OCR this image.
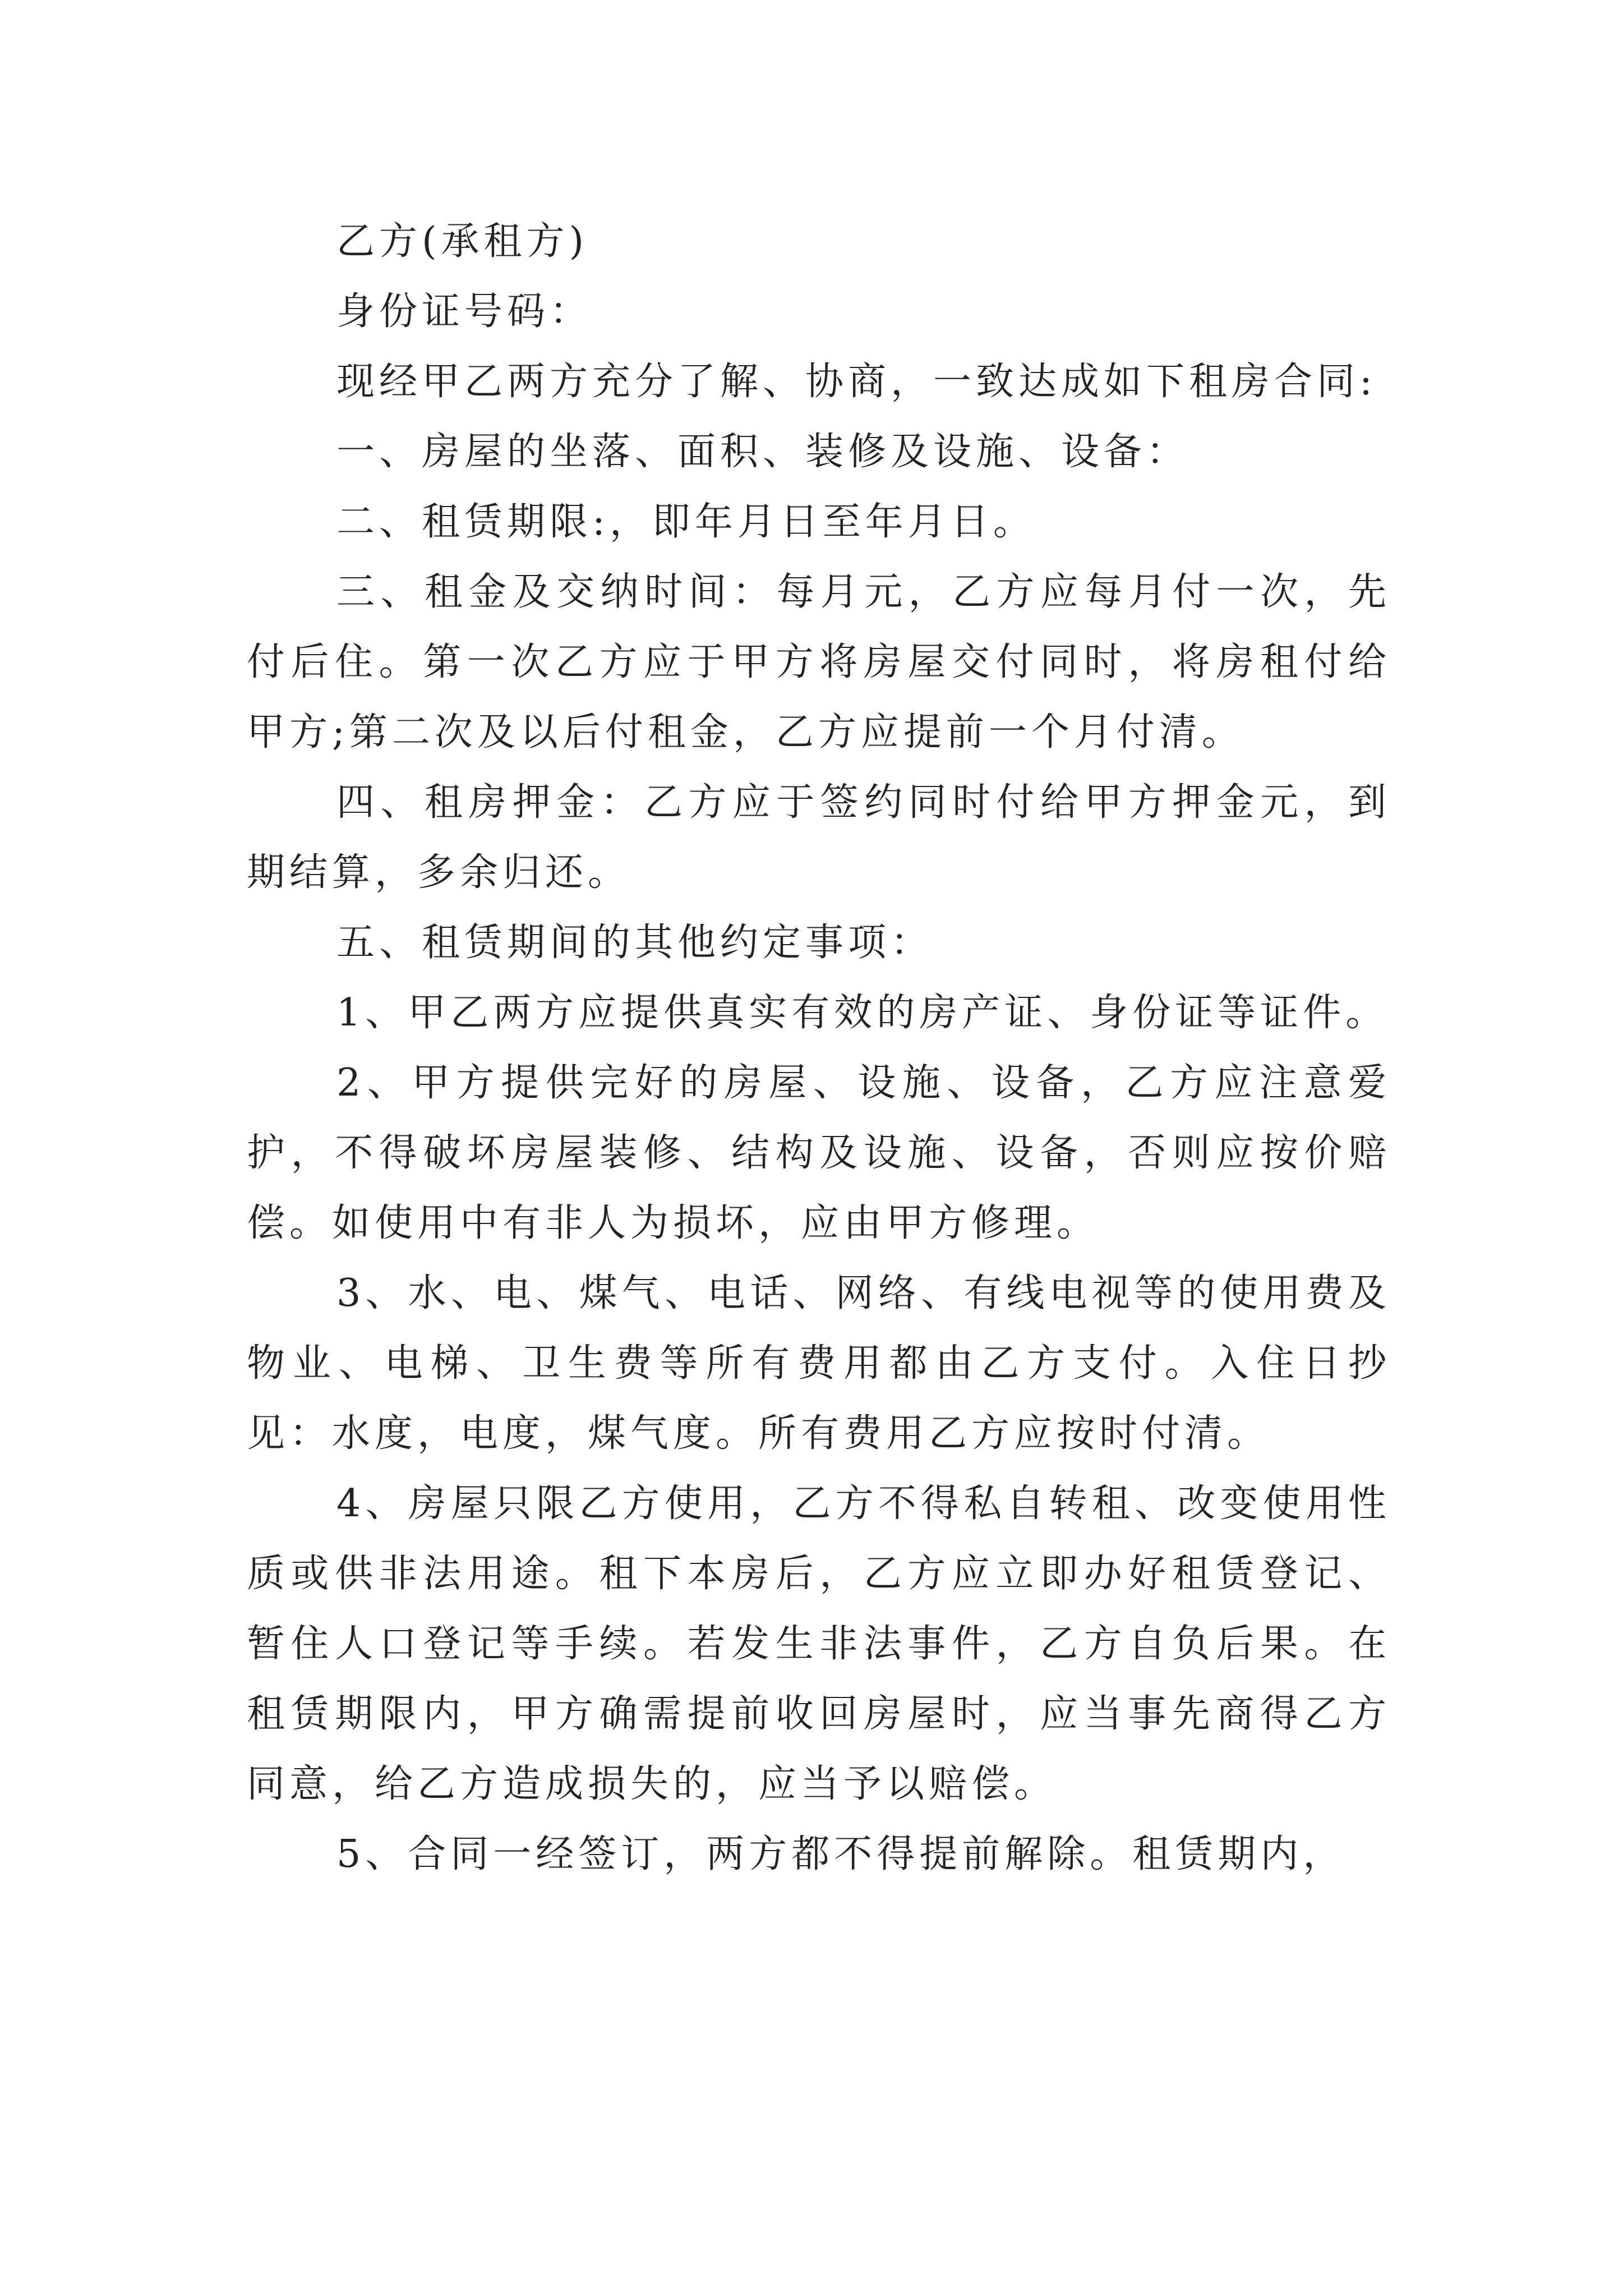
乙方(承租方)

身份证号码：

现经甲乙两方充分了解、协商，一致达成如下租房合同:

一、房屋的坐落、面积、装修及设施、设备：

二、租赁期限:，即年月日至年月日。

三、租金及交纳时间：每月元，乙方应每月付一次，先付后住。第一次乙方应于甲方将房屋交付同时，将房租付给甲方;第二次及以后付租金，乙方应提前一个月付清。

四、租房押金：乙方应于签约同时付给甲方押金元，到期结算，多余归还。

五、租赁期间的其他约定事项：

1、甲乙两方应提供真实有效的房产证、身份证等证件。

2、甲方提供完好的房屋、设施、设备，乙方应注意爱护，不得破坏房屋装修、结构及设施、设备，否则应按价赔偿。如使用中有非人为损坏，应由甲方修理。

3、水、电、煤气、电话、网络、有线电视等的使用费及物业、电梯、卫生费等所有费用都由乙方支付。入住日抄见：水度，电度，煤气度。所有费用乙方应按时付清。

4、房屋只限乙方使用，乙方不得私自转租、改变使用性质或供非法用途。租下本房后，乙方应立即办好租赁登记、暂住人口登记等手续。若发生非法事件，乙方自负后果。在租赁期限内，甲方确需提前收回房屋时，应当事先商得乙方同意，给乙方造成损失的，应当予以赔偿。

5、合同一经签订，两方都不得提前解除。租赁期内，
